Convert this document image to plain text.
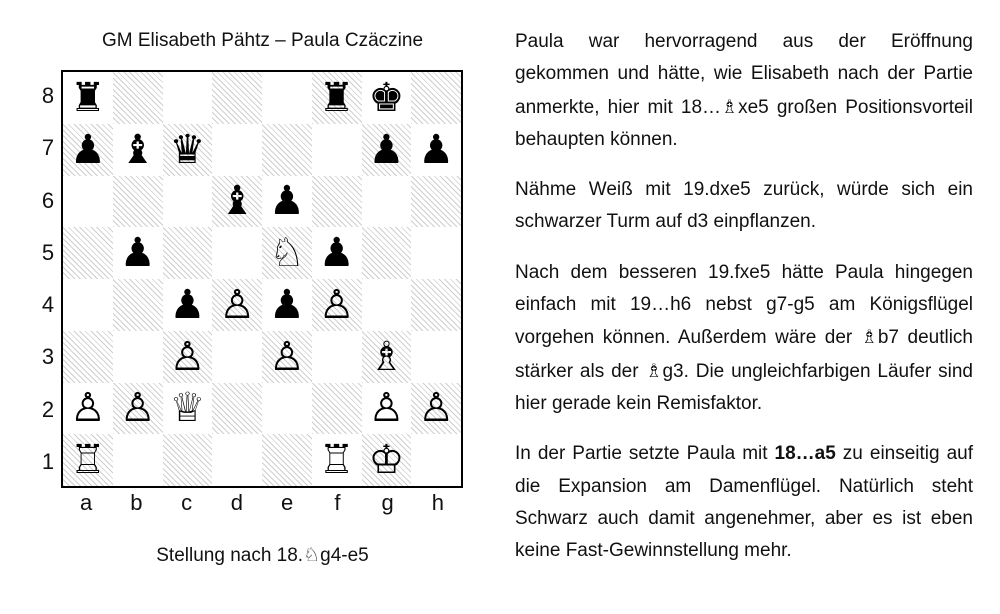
GM Elisabeth Pähtz – Paula Czäczine
8
7
6
5
4
3
2
1
♜	♜ ♚
♟ ♝ ♛	♟ ♟
♝ ♟
♟	♘ ♟
♟ ♙ ♟ ♙
♙ ♙ ♗
♙ ♙ ♕	♙ ♙
♖	♖ ♔
a	b	c	d	e	f	g	h
Stellung nach 18.♘g4-e5

Paula war hervorragend aus der Eröffnung gekommen und hätte, wie Elisabeth nach der Partie anmerkte, hier mit 18…♗xe5 großen Positionsvorteil behaupten können.

Nähme Weiß mit 19.dxe5 zurück, würde sich ein schwarzer Turm auf d3 einpflanzen.

Nach dem besseren 19.fxe5 hätte Paula hingegen einfach mit 19…h6 nebst g7-g5 am Königsflügel vorgehen können. Außerdem wäre der ♗b7 deutlich stärker als der ♗g3. Die ungleichfarbigen Läufer sind hier gerade kein Remisfaktor.

In der Partie setzte Paula mit 18…a5 zu einseitig auf die Expansion am Damenflügel. Natürlich steht Schwarz auch damit angenehmer, aber es ist eben keine Fast-Gewinnstellung mehr.
